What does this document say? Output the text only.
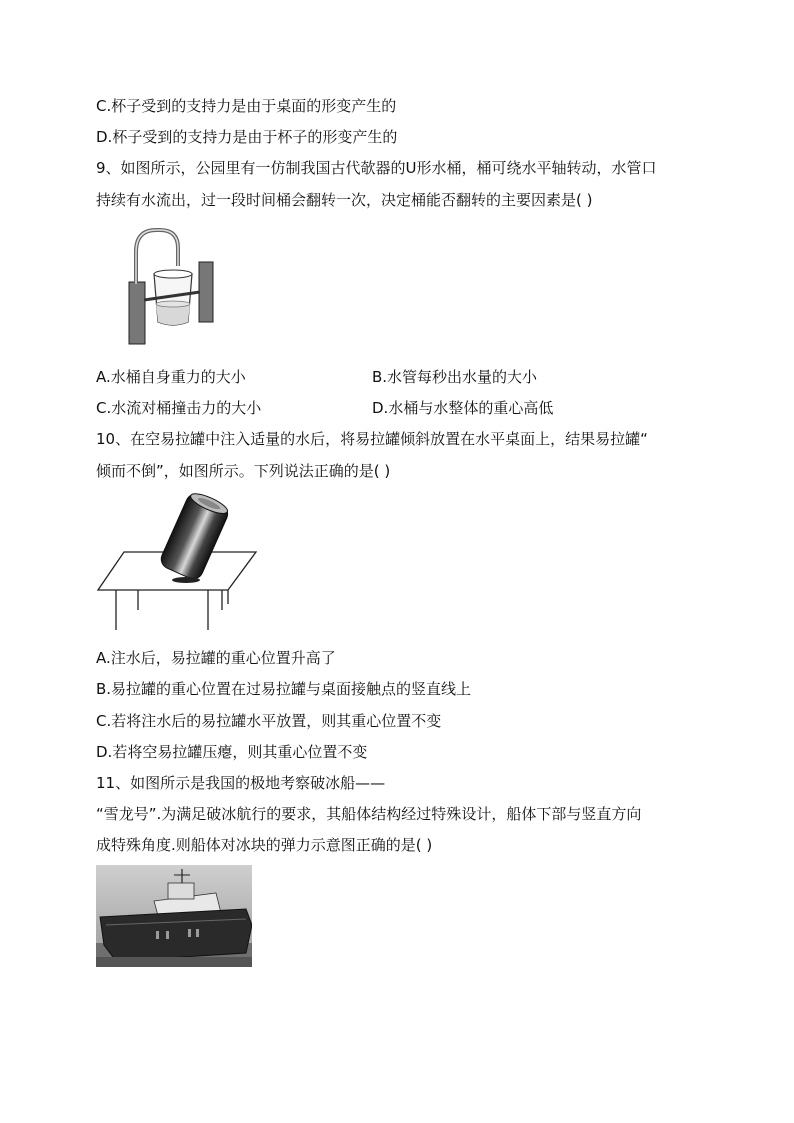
C.杯子受到的支持力是由于桌面的形变产生的
D.杯子受到的支持力是由于杯子的形变产生的
9、如图所示，公园里有一仿制我国古代欹器的U形水桶，桶可绕水平轴转动，水管口
持续有水流出，过一段时间桶会翻转一次，决定桶能否翻转的主要因素是( )
A.水桶自身重力的大小	B.水管每秒出水量的大小
C.水流对桶撞击力的大小	D.水桶与水整体的重心高低
10、在空易拉罐中注入适量的水后，将易拉罐倾斜放置在水平桌面上，结果易拉罐“
倾而不倒”，如图所示。下列说法正确的是( )
A.注水后，易拉罐的重心位置升高了
B.易拉罐的重心位置在过易拉罐与桌面接触点的竖直线上
C.若将注水后的易拉罐水平放置，则其重心位置不变
D.若将空易拉罐压瘪，则其重心位置不变
11、如图所示是我国的极地考察破冰船——
“雪龙号”.为满足破冰航行的要求，其船体结构经过特殊设计，船体下部与竖直方向
成特殊角度.则船体对冰块的弹力示意图正确的是( )
